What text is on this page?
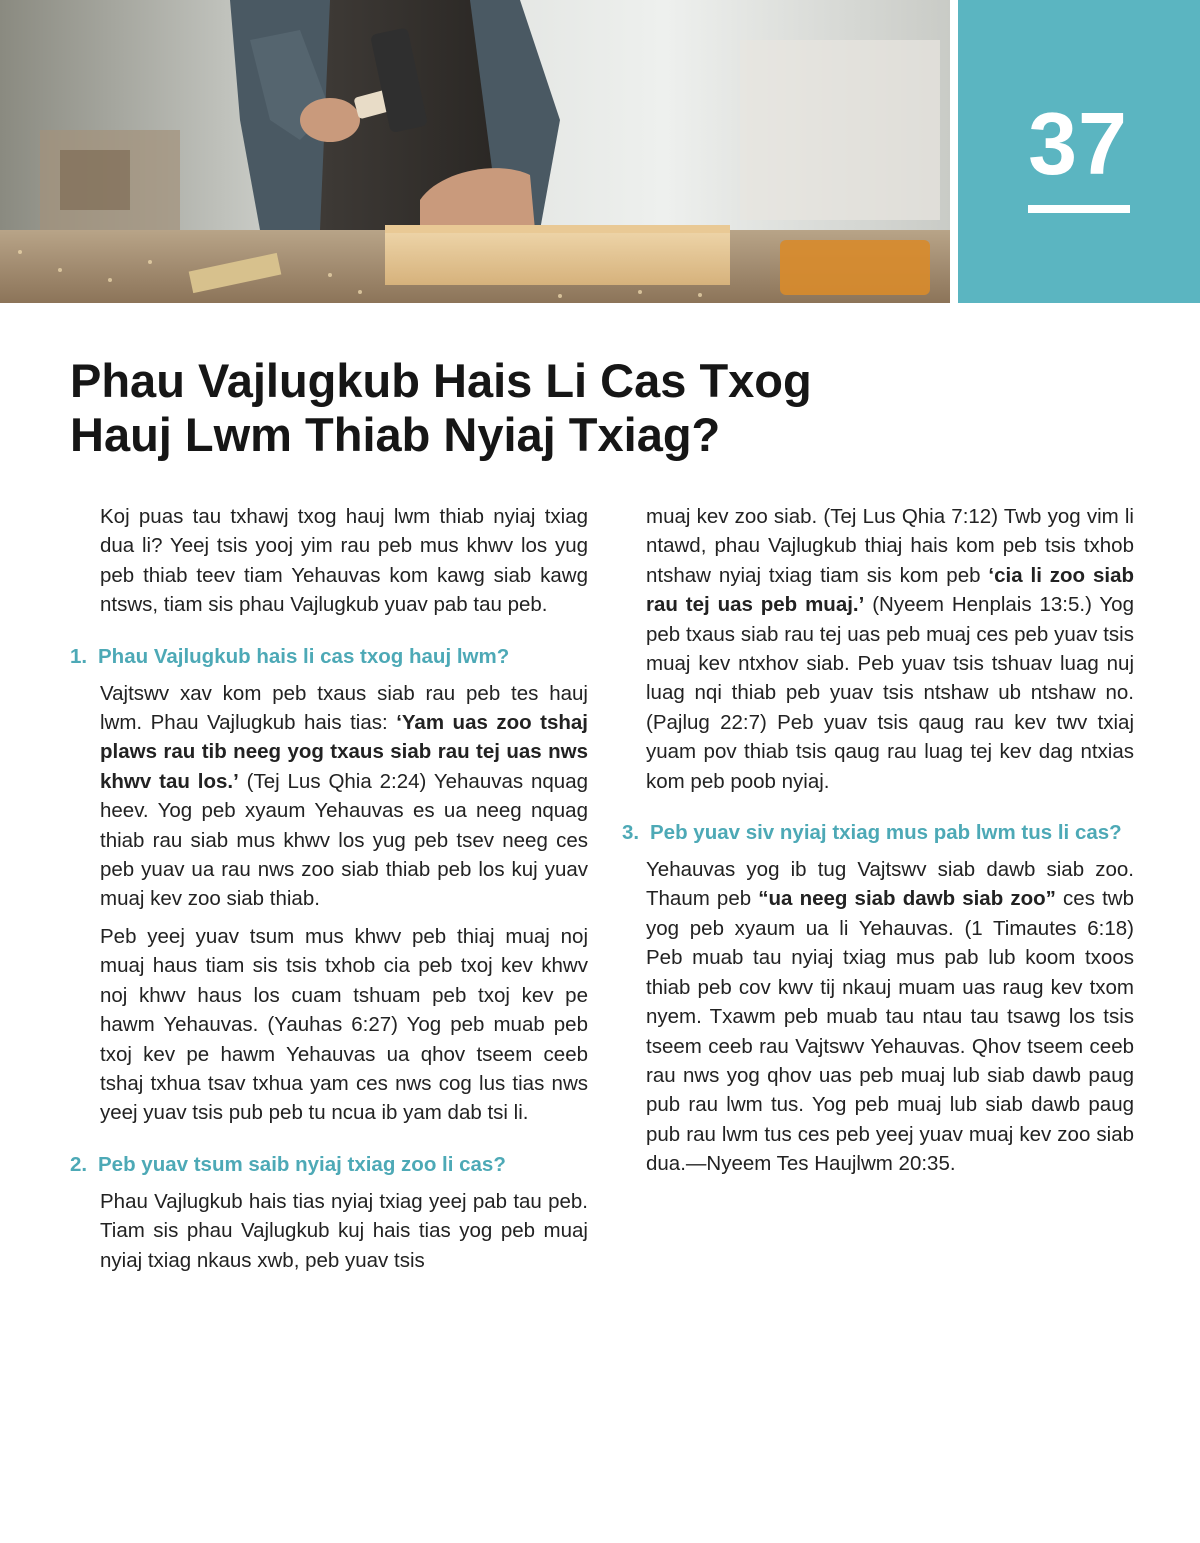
37
Phau Vajlugkub Hais Li Cas Txog
Hauj Lwm Thiab Nyiaj Txiag?

Koj puas tau txhawj txog hauj lwm thiab nyiaj txiag dua li? Yeej tsis yooj yim rau peb mus khwv los yug peb thiab teev tiam Yehauvas kom kawg siab kawg ntsws, tiam sis phau Vajlugkub yuav pab tau peb.

1. Phau Vajlugkub hais li cas txog hauj lwm?

Vajtswv xav kom peb txaus siab rau peb tes hauj lwm. Phau Vajlugkub hais tias: ‘Yam uas zoo tshaj plaws rau tib neeg yog txaus siab rau tej uas nws khwv tau los.’ (Tej Lus Qhia 2:24) Yehauvas nquag heev. Yog peb xyaum Yehauvas es ua neeg nquag thiab rau siab mus khwv los yug peb tsev neeg ces peb yuav ua rau nws zoo siab thiab peb los kuj yuav muaj kev zoo siab thiab.

Peb yeej yuav tsum mus khwv peb thiaj muaj noj muaj haus tiam sis tsis txhob cia peb txoj kev khwv noj khwv haus los cuam tshuam peb txoj kev pe hawm Yehauvas. (Yauhas 6:27) Yog peb muab peb txoj kev pe hawm Yehauvas ua qhov tseem ceeb tshaj txhua tsav txhua yam ces nws cog lus tias nws yeej yuav tsis pub peb tu ncua ib yam dab tsi li.

2. Peb yuav tsum saib nyiaj txiag zoo li cas?

Phau Vajlugkub hais tias nyiaj txiag yeej pab tau peb. Tiam sis phau Vajlugkub kuj hais tias yog peb muaj nyiaj txiag nkaus xwb, peb yuav tsis

muaj kev zoo siab. (Tej Lus Qhia 7:12) Twb yog vim li ntawd, phau Vajlugkub thiaj hais kom peb tsis txhob ntshaw nyiaj txiag tiam sis kom peb ‘cia li zoo siab rau tej uas peb muaj.’ (Nyeem Henplais 13:5.) Yog peb txaus siab rau tej uas peb muaj ces peb yuav tsis muaj kev ntxhov siab. Peb yuav tsis tshuav luag nuj luag nqi thiab peb yuav tsis ntshaw ub ntshaw no. (Pajlug 22:7) Peb yuav tsis qaug rau kev twv txiaj yuam pov thiab tsis qaug rau luag tej kev dag ntxias kom peb poob nyiaj.

3. Peb yuav siv nyiaj txiag mus pab lwm tus li cas?

Yehauvas yog ib tug Vajtswv siab dawb siab zoo. Thaum peb “ua neeg siab dawb siab zoo” ces twb yog peb xyaum ua li Yehauvas. (1 Timautes 6:18) Peb muab tau nyiaj txiag mus pab lub koom txoos thiab peb cov kwv tij nkauj muam uas raug kev txom nyem. Txawm peb muab tau ntau tau tsawg los tsis tseem ceeb rau Vajtswv Yehauvas. Qhov tseem ceeb rau nws yog qhov uas peb muaj lub siab dawb paug pub rau lwm tus. Yog peb muaj lub siab dawb paug pub rau lwm tus ces peb yeej yuav muaj kev zoo siab dua.—Nyeem Tes Haujlwm 20:35.
